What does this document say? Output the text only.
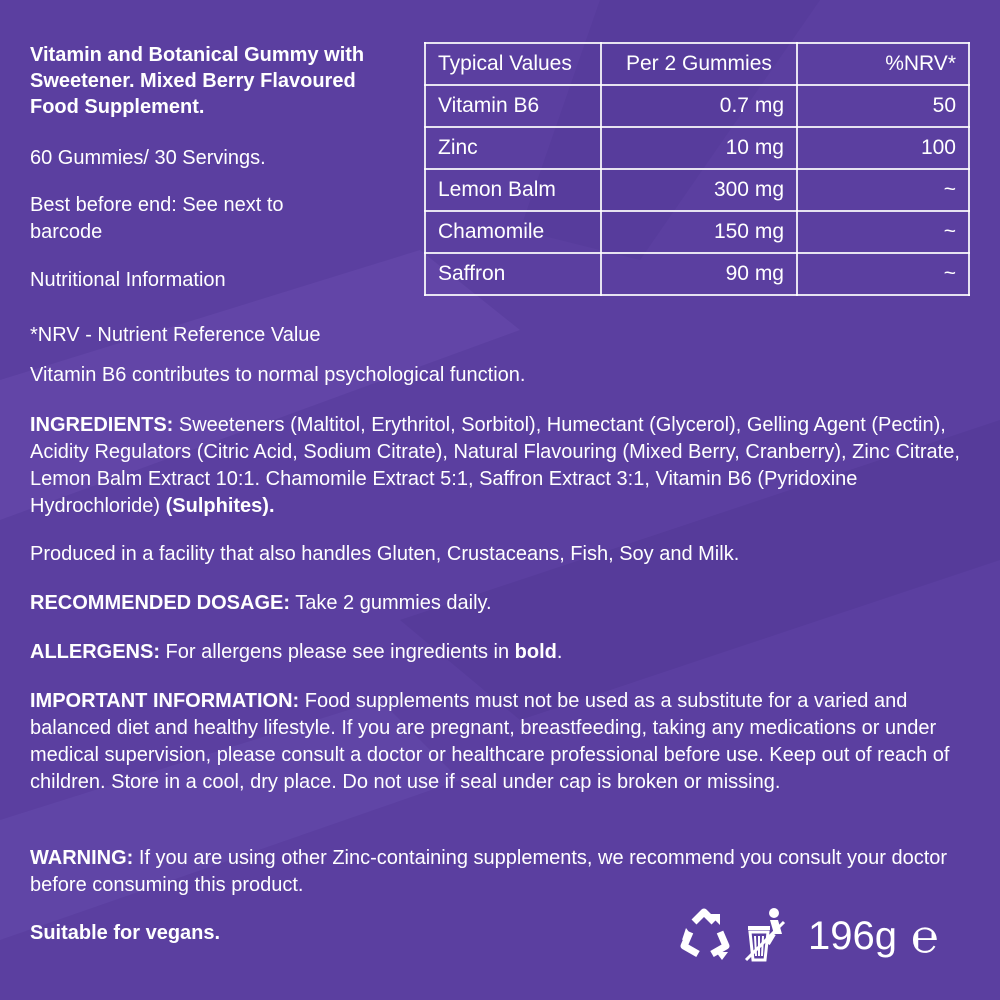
Vitamin and Botanical Gummy with Sweetener. Mixed Berry Flavoured Food Supplement.
60 Gummies/ 30 Servings.
Best before end: See next to barcode
Nutritional Information
Typical Values	Per 2 Gummies	%NRV*
Vitamin B6	0.7 mg	50
Zinc	10 mg	100
Lemon Balm	300 mg	~
Chamomile	150 mg	~
Saffron	90 mg	~
*NRV - Nutrient Reference Value
Vitamin B6 contributes to normal psychological function.
INGREDIENTS: Sweeteners (Maltitol, Erythritol, Sorbitol), Humectant (Glycerol), Gelling Agent (Pectin), Acidity Regulators (Citric Acid, Sodium Citrate), Natural Flavouring (Mixed Berry, Cranberry), Zinc Citrate, Lemon Balm Extract 10:1. Chamomile Extract 5:1, Saffron Extract 3:1, Vitamin B6 (Pyridoxine Hydrochloride) (Sulphites).
Produced in a facility that also handles Gluten, Crustaceans, Fish, Soy and Milk.
RECOMMENDED DOSAGE: Take 2 gummies daily.
ALLERGENS: For allergens please see ingredients in bold.
IMPORTANT INFORMATION: Food supplements must not be used as a substitute for a varied and balanced diet and healthy lifestyle. If you are pregnant, breastfeeding, taking any medications or under medical supervision, please consult a doctor or healthcare professional before use. Keep out of reach of children. Store in a cool, dry place. Do not use if seal under cap is broken or missing.
WARNING: If you are using other Zinc-containing supplements, we recommend you consult your doctor before consuming this product.
Suitable for vegans.	196g ℮
